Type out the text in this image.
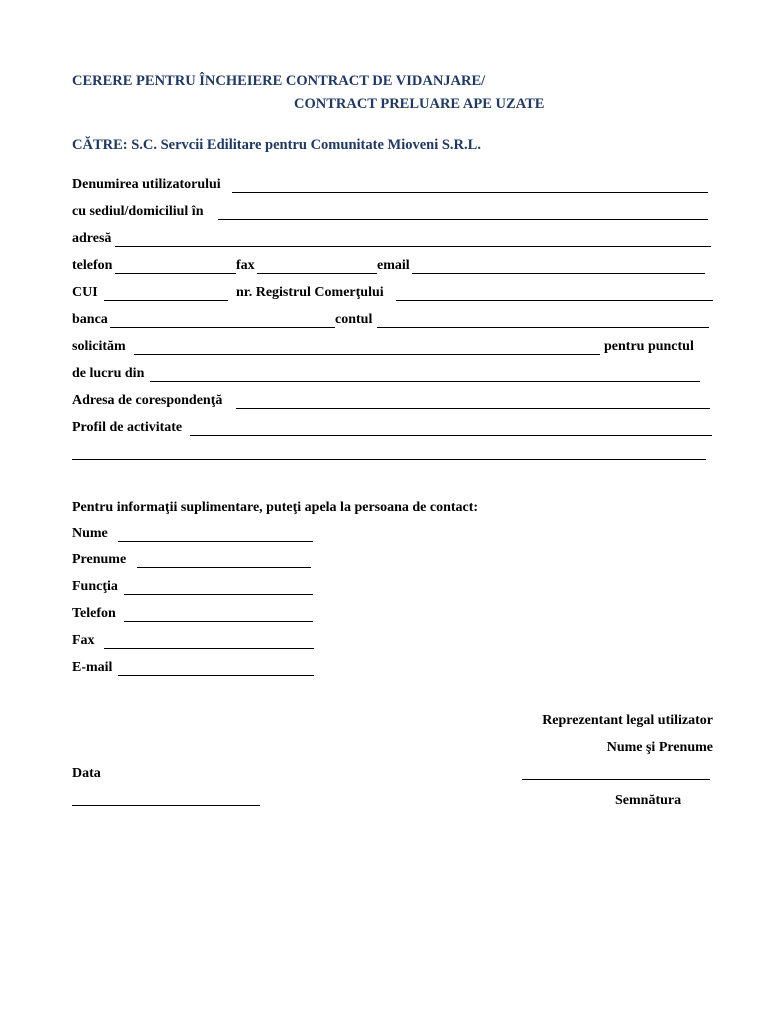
CERERE PENTRU ÎNCHEIERE CONTRACT DE VIDANJARE/
CONTRACT PRELUARE APE UZATE
CĂTRE: S.C. Servcii Edilitare pentru Comunitate Mioveni S.R.L.
Denumirea utilizatorului
cu sediul/domiciliul în
adresă
telefon	fax	email
CUI	nr. Registrul Comerţului
banca	contul
solicităm	pentru punctul
de lucru din
Adresa de corespondenţă
Profil de activitate
Pentru informaţii suplimentare, puteţi apela la persoana de contact:
Nume
Prenume
Funcţia
Telefon
Fax
E-mail
Reprezentant legal utilizator
Nume şi Prenume
Data
Semnătura
